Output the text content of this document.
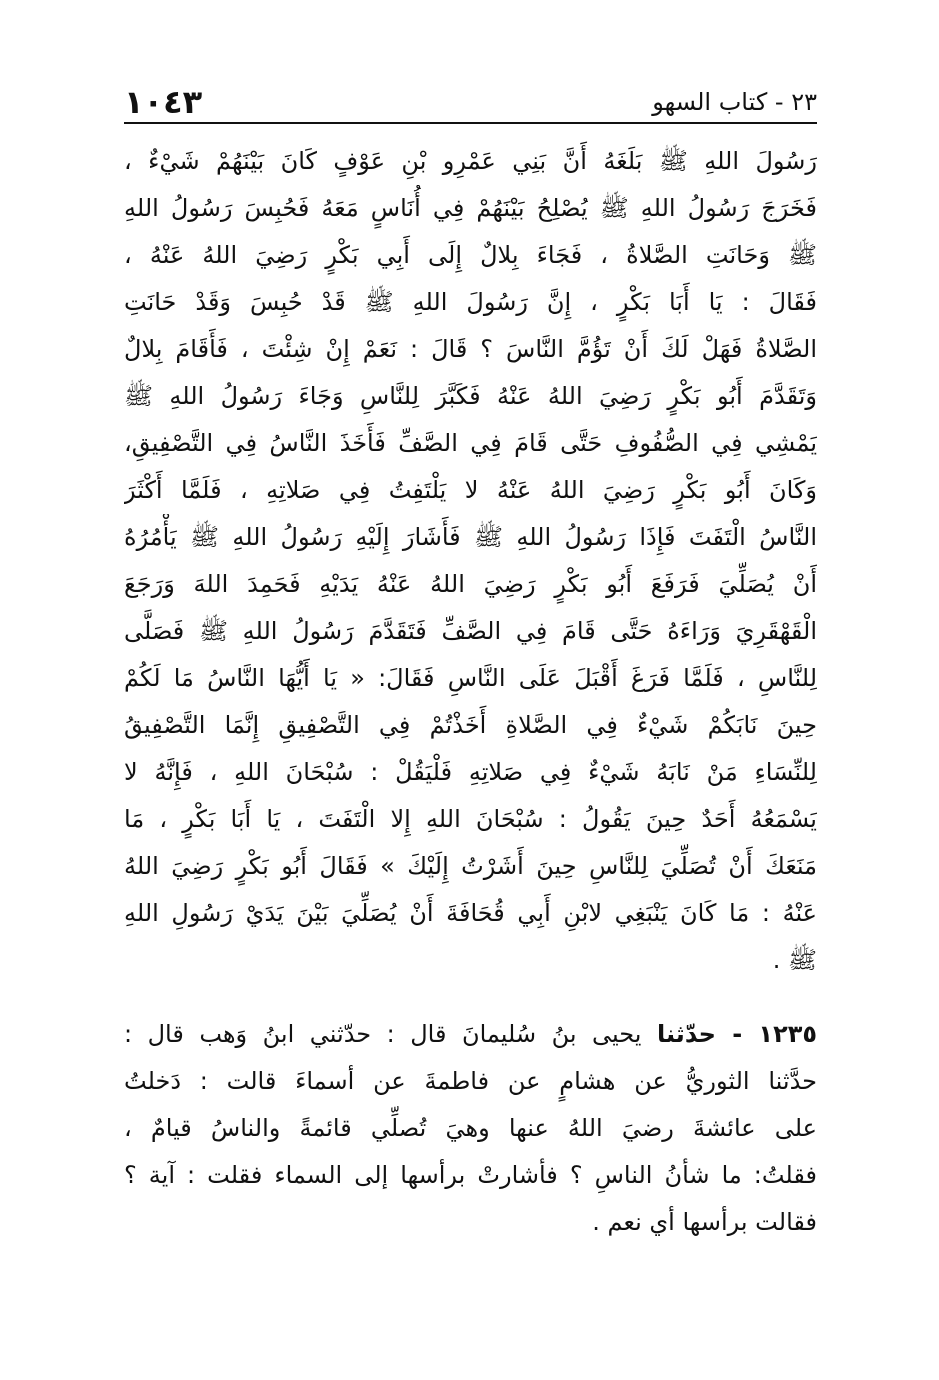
١٠٤٣	٢٣ - كتاب السهو
رَسُولَ اللهِ ﷺ بَلَغَهُ أَنَّ بَنِي عَمْرِو بْنِ عَوْفٍ كَانَ بَيْنَهُمْ شَيْءٌ ،
فَخَرَجَ رَسُولُ اللهِ ﷺ يُصْلِحُ بَيْنَهُمْ فِي أُنَاسٍ مَعَهُ فَحُبِسَ رَسُولُ اللهِ
ﷺ وَحَانَتِ الصَّلاةُ ، فَجَاءَ بِلالٌ إِلَى أَبِي بَكْرٍ رَضِيَ اللهُ عَنْهُ ،
فَقَالَ : يَا أَبَا بَكْرٍ ، إِنَّ رَسُولَ اللهِ ﷺ قَدْ حُبِسَ وَقَدْ حَانَتِ
الصَّلاةُ فَهَلْ لَكَ أَنْ تَؤُمَّ النَّاسَ ؟ قَالَ : نَعَمْ إِنْ شِئْتَ ، فَأَقَامَ بِلالٌ
وَتَقَدَّمَ أَبُو بَكْرٍ رَضِيَ اللهُ عَنْهُ فَكَبَّرَ لِلنَّاسِ وَجَاءَ رَسُولُ اللهِ ﷺ
يَمْشِي فِي الصُّفُوفِ حَتَّى قَامَ فِي الصَّفِّ فَأَخَذَ النَّاسُ فِي التَّصْفِيقِ،
وَكَانَ أَبُو بَكْرٍ رَضِيَ اللهُ عَنْهُ لا يَلْتَفِتُ فِي صَلاتِهِ ، فَلَمَّا أَكْثَرَ
النَّاسُ الْتَفَتَ فَإِذَا رَسُولُ اللهِ ﷺ فَأَشَارَ إِلَيْهِ رَسُولُ اللهِ ﷺ يَأْمُرُهُ
أَنْ يُصَلِّيَ فَرَفَعَ أَبُو بَكْرٍ رَضِيَ اللهُ عَنْهُ يَدَيْهِ فَحَمِدَ اللهَ وَرَجَعَ
الْقَهْقَرِيَ وَرَاءَهُ حَتَّى قَامَ فِي الصَّفِّ فَتَقَدَّمَ رَسُولُ اللهِ ﷺ فَصَلَّى
لِلنَّاسِ ، فَلَمَّا فَرَغَ أَقْبَلَ عَلَى النَّاسِ فَقَالَ: « يَا أَيُّهَا النَّاسُ مَا لَكُمْ
حِينَ نَابَكُمْ شَيْءٌ فِي الصَّلاةِ أَخَذْتُمْ فِي التَّصْفِيقِ إِنَّمَا التَّصْفِيقُ
لِلنِّسَاءِ مَنْ نَابَهُ شَيْءٌ فِي صَلاتِهِ فَلْيَقُلْ : سُبْحَانَ اللهِ ، فَإِنَّهُ لا
يَسْمَعُهُ أَحَدٌ حِينَ يَقُولُ : سُبْحَانَ اللهِ إِلا الْتَفَتَ ، يَا أَبَا بَكْرٍ ، مَا
مَنَعَكَ أَنْ تُصَلِّيَ لِلنَّاسِ حِينَ أَشَرْتُ إِلَيْكَ » فَقَالَ أَبُو بَكْرٍ رَضِيَ اللهُ
عَنْهُ : مَا كَانَ يَنْبَغِي لابْنِ أَبِي قُحَافَةَ أَنْ يُصَلِّيَ بَيْنَ يَدَيْ رَسُولِ اللهِ
ﷺ .
١٢٣٥ - حدّثنا يحيى بنُ سُليمانَ قال : حدّثني ابنُ وَهب قال :
حدَّثنا الثوريُّ عن هشامٍ عن فاطمةَ عن أسماءَ قالت : دَخلتُ
على عائشةَ رضيَ اللهُ عنها وهيَ تُصلِّي قائمةً والناسُ قيامٌ ،
فقلتُ: ما شأنُ الناسِ ؟ فأشارتْ برأسها إلى السماء فقلت : آية ؟
فقالت برأسها أي نعم .
